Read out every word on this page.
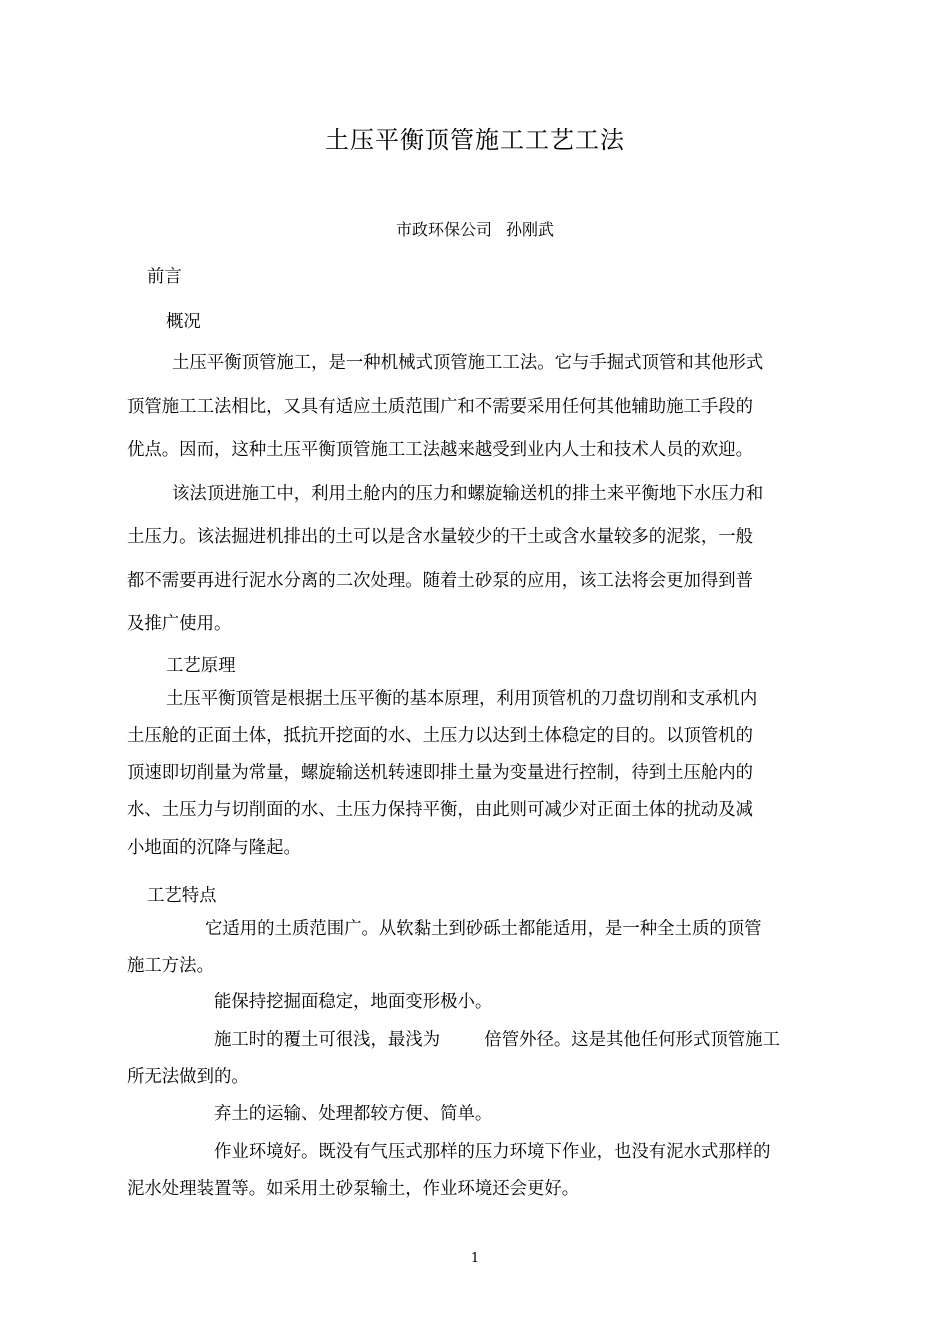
土压平衡顶管施工工艺工法
市政环保公司 孙刚武
前言
概况
土压平衡顶管施工，是一种机械式顶管施工工法。它与手掘式顶管和其他形式
顶管施工工法相比，又具有适应土质范围广和不需要采用任何其他辅助施工手段的
优点。因而，这种土压平衡顶管施工工法越来越受到业内人士和技术人员的欢迎。
该法顶进施工中，利用土舱内的压力和螺旋输送机的排土来平衡地下水压力和
土压力。该法掘进机排出的土可以是含水量较少的干土或含水量较多的泥浆，一般
都不需要再进行泥水分离的二次处理。随着土砂泵的应用，该工法将会更加得到普
及推广使用。
工艺原理
土压平衡顶管是根据土压平衡的基本原理，利用顶管机的刀盘切削和支承机内
土压舱的正面土体，抵抗开挖面的水、土压力以达到土体稳定的目的。以顶管机的
顶速即切削量为常量，螺旋输送机转速即排土量为变量进行控制，待到土压舱内的
水、土压力与切削面的水、土压力保持平衡，由此则可减少对正面土体的扰动及减
小地面的沉降与隆起。
工艺特点
它适用的土质范围广。从软黏土到砂砾土都能适用，是一种全土质的顶管
施工方法。
能保持挖掘面稳定，地面变形极小。
施工时的覆土可很浅，最浅为        倍管外径。这是其他任何形式顶管施工
所无法做到的。
弃土的运输、处理都较方便、简单。
作业环境好。既没有气压式那样的压力环境下作业，也没有泥水式那样的
泥水处理装置等。如采用土砂泵输土，作业环境还会更好。
1
